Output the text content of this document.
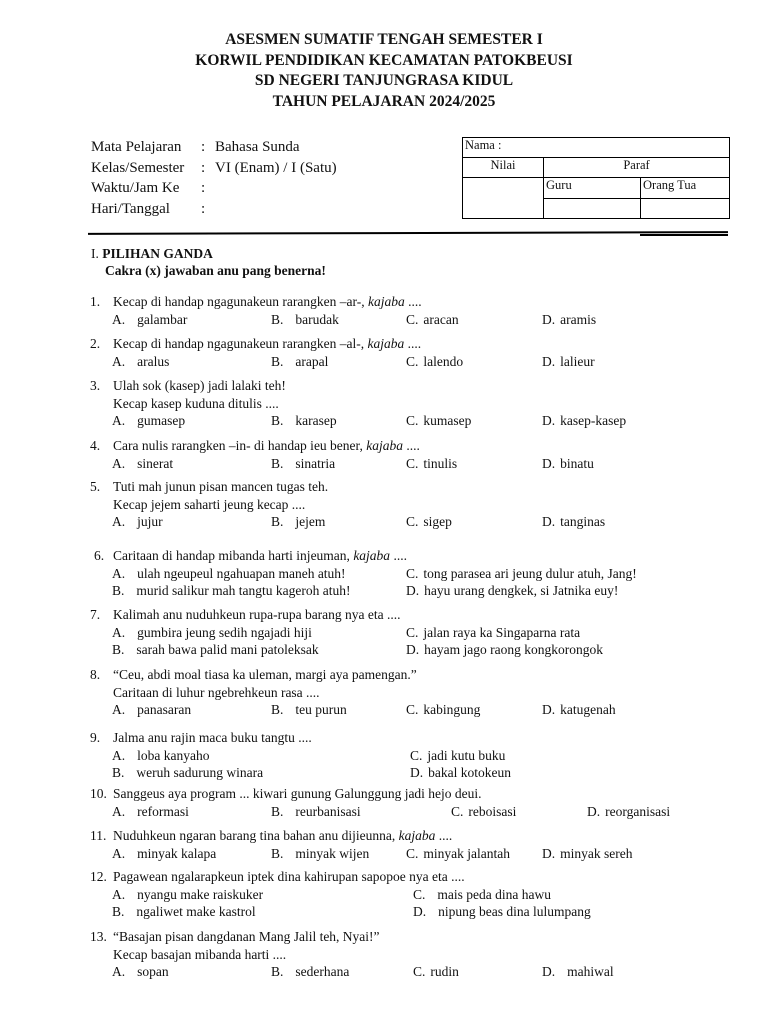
ASESMEN SUMATIF TENGAH SEMESTER I
KORWIL PENDIDIKAN KECAMATAN PATOKBEUSI
SD NEGERI TANJUNGRASA KIDUL
TAHUN PELAJARAN 2024/2025
Mata Pelajaran	: Bahasa Sunda
Kelas/Semester	: VI (Enam) / I (Satu)
Waktu/Jam Ke	:
Hari/Tanggal	:
Nama :		
Nilai	Paraf	
	Guru	Orang Tua

I. PILIHAN GANDA
Cakra (x) jawaban anu pang benerna!
1. Kecap di handap ngagunakeun rarangken –ar-, kajaba ....
A. galambar	B. barudak	C. aracan	D. aramis
2. Kecap di handap ngagunakeun rarangken –al-, kajaba ....
A. aralus	B. arapal	C. lalendo	D. lalieur
3. Ulah sok (kasep) jadi lalaki teh!
Kecap kasep kuduna ditulis ....
A. gumasep	B. karasep	C. kumasep	D. kasep-kasep
4. Cara nulis rarangken –in- di handap ieu bener, kajaba ....
A. sinerat	B. sinatria	C. tinulis	D. binatu
5. Tuti mah junun pisan mancen tugas teh.
Kecap jejem saharti jeung kecap ....
A. jujur	B. jejem	C. sigep	D. tanginas
6. Caritaan di handap mibanda harti injeuman, kajaba ....
A. ulah ngeupeul ngahuapan maneh atuh!
B. murid salikur mah tangtu kageroh atuh!
C. tong parasea ari jeung dulur atuh, Jang!
D. hayu urang dengkek, si Jatnika euy!
7. Kalimah anu nuduhkeun rupa-rupa barang nya eta ....
A. gumbira jeung sedih ngajadi hiji
B. sarah bawa palid mani patoleksak
C. jalan raya ka Singaparna rata
D. hayam jago raong kongkorongok
8. “Ceu, abdi moal tiasa ka uleman, margi aya pamengan.”
Caritaan di luhur ngebrehkeun rasa ....
A. panasaran	B. teu purun	C. kabingung	D. katugenah
9. Jalma anu rajin maca buku tangtu ....
A. loba kanyaho
B. weruh sadurung winara
C. jadi kutu buku
D. bakal kotokeun
10. Sanggeus aya program ... kiwari gunung Galunggung jadi hejo deui.
A. reformasi	B. reurbanisasi	C. reboisasi	D. reorganisasi
11. Nuduhkeun ngaran barang tina bahan anu dijieunna, kajaba ....
A. minyak kalapa	B. minyak wijen	C. minyak jalantah D. minyak sereh
12. Pagawean ngalarapkeun iptek dina kahirupan sapopoe nya eta ....
A. nyangu make raiskuker
B. ngaliwet make kastrol
C. mais peda dina hawu
D. nipung beas dina lulumpang
13. “Basajan pisan dangdanan Mang Jalil teh, Nyai!”
Kecap basajan mibanda harti ....
A. sopan	B. sederhana	C. rudin	D. mahiwal
